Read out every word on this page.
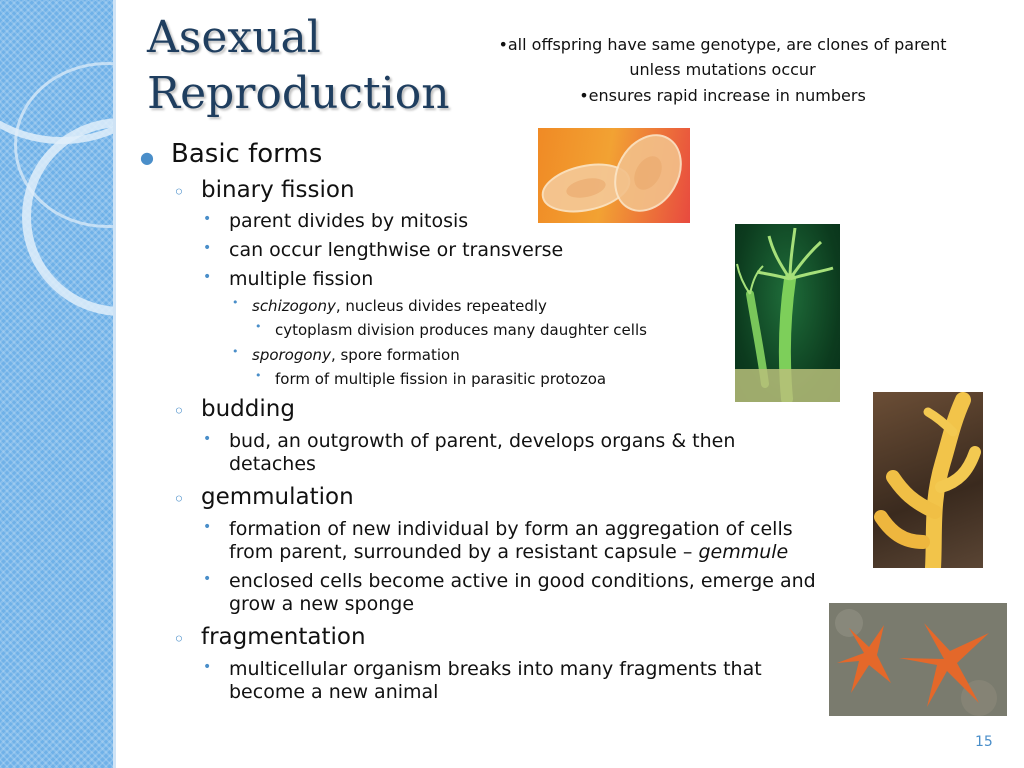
Asexual
Reproduction
•all offspring have same genotype, are clones of parent
unless mutations occur
•ensures rapid increase in numbers
● Basic forms
◦ binary fission
• parent divides by mitosis
• can occur lengthwise or transverse
• multiple fission
• schizogony, nucleus divides repeatedly
• cytoplasm division produces many daughter cells
• sporogony, spore formation
• form of multiple fission in parasitic protozoa
◦ budding
• bud, an outgrowth of parent, develops organs & then detaches
◦ gemmulation
• formation of new individual by form an aggregation of cells from parent, surrounded by a resistant capsule – gemmule
• enclosed cells become active in good conditions, emerge and grow a new sponge
◦ fragmentation
• multicellular organism breaks into many fragments that become a new animal
15
